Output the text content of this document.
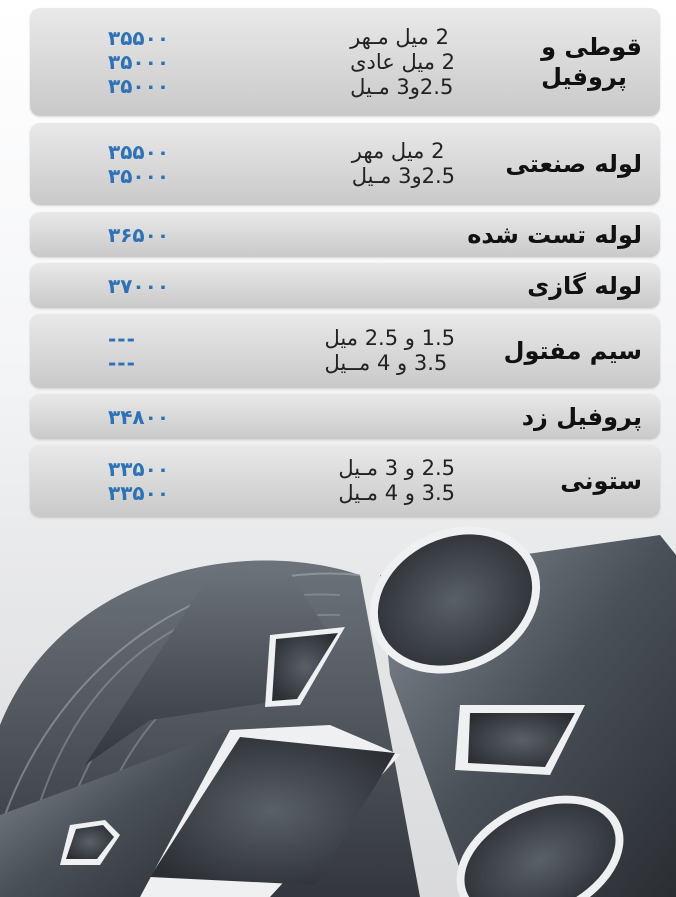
قوطی و
پروفیل
2 میل مـهر
2 میل عادی
2.5و3 مـیل
۳۵۵۰۰
۳۵۰۰۰
۳۵۰۰۰
لوله صنعتی
2 میل مهر
2.5و3 مـیل
۳۵۵۰۰
۳۵۰۰۰
لوله تست شده
۳۶۵۰۰
لوله گازی
۳۷۰۰۰
سیم مفتول
1.5 و 2.5 میل
3.5 و 4 مــیل
---
---
پروفیل زد
۳۴۸۰۰
ستونی
2.5 و 3 مـیل
3.5 و 4 مـیل
۳۳۵۰۰
۳۳۵۰۰
